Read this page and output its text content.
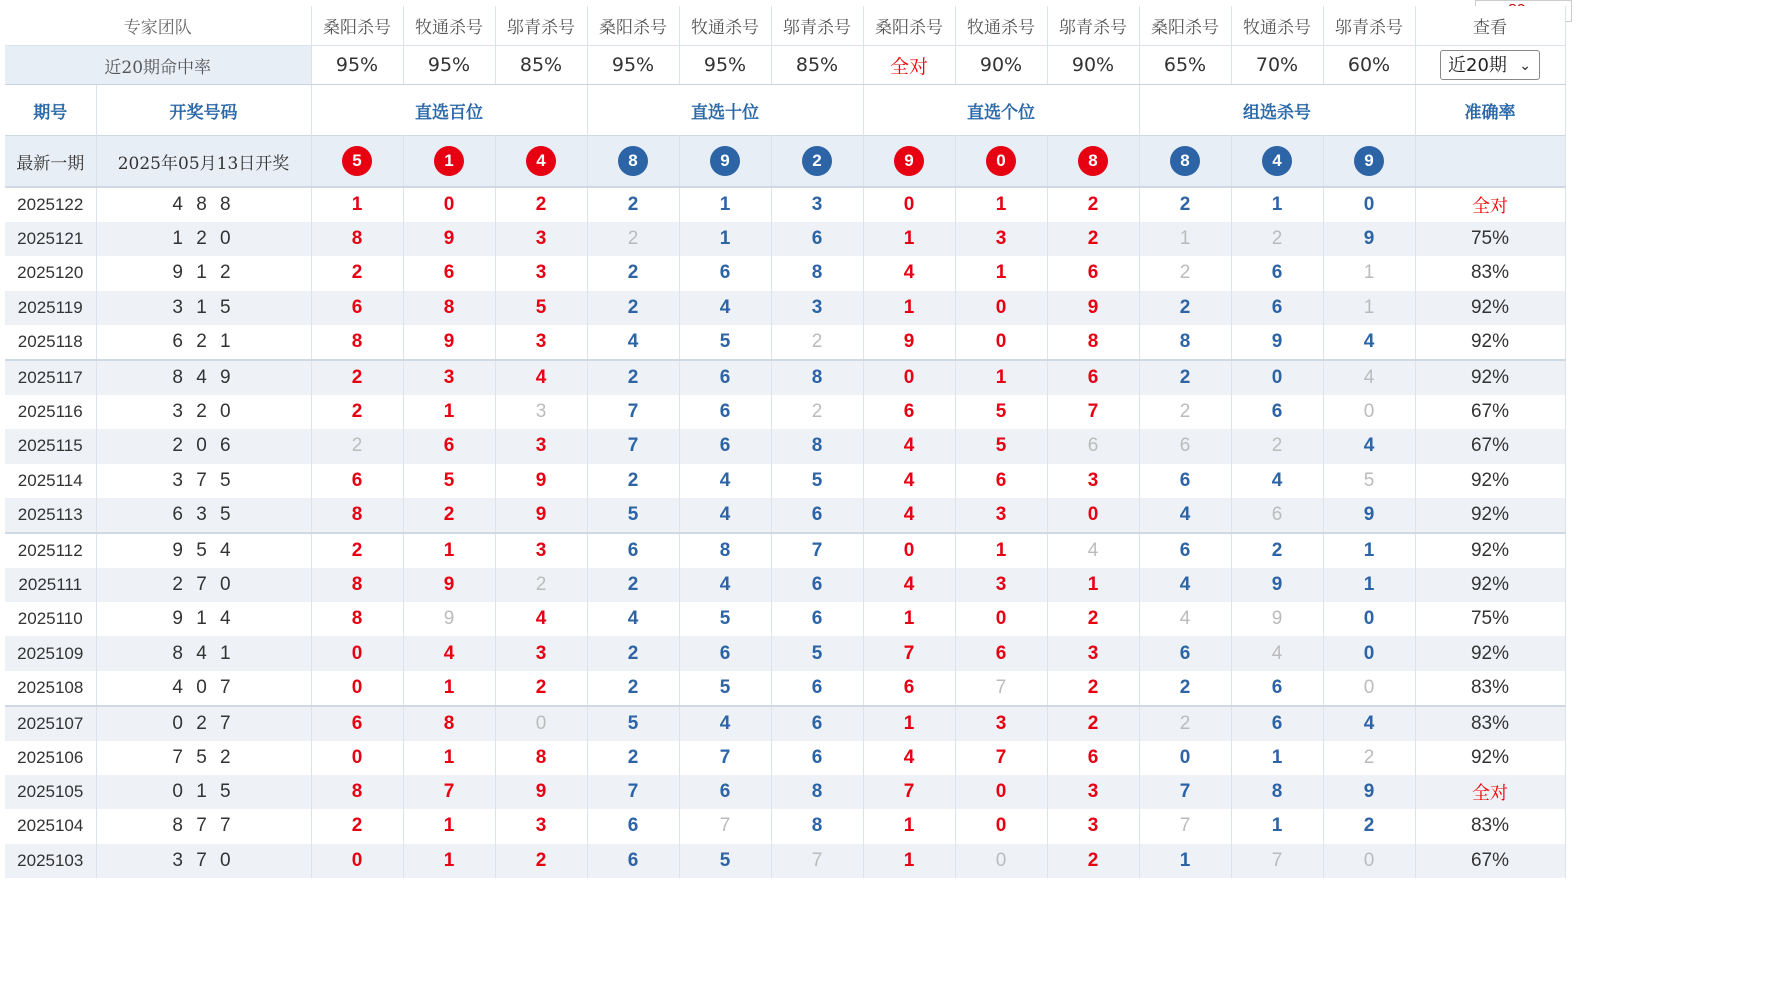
专家团队		桑阳杀号	牧通杀号	邬青杀号	桑阳杀号	牧通杀号	邬青杀号	桑阳杀号	牧通杀号	邬青杀号	桑阳杀号	牧通杀号	邬青杀号	查看
近20期命中率		95%	95%	85%	95%	95%	85%	全对	90%	90%	65%	70%	60%	近20期 ⌄

期号	开奖号码	直选百位			直选十位			直选个位			组选杀号			准确率
最新一期	2025年05月13日开奖	5	1	4	8	9	2	9	0	8	8	4	9	
2025122	4 8 8	1	0	2	2	1	3	0	1	2	2	1	0	全对
2025121	1 2 0	8	9	3	2	1	6	1	3	2	1	2	9	75%
2025120	9 1 2	2	6	3	2	6	8	4	1	6	2	6	1	83%
2025119	3 1 5	6	8	5	2	4	3	1	0	9	2	6	1	92%
2025118	6 2 1	8	9	3	4	5	2	9	0	8	8	9	4	92%
2025117	8 4 9	2	3	4	2	6	8	0	1	6	2	0	4	92%
2025116	3 2 0	2	1	3	7	6	2	6	5	7	2	6	0	67%
2025115	2 0 6	2	6	3	7	6	8	4	5	6	6	2	4	67%
2025114	3 7 5	6	5	9	2	4	5	4	6	3	6	4	5	92%
2025113	6 3 5	8	2	9	5	4	6	4	3	0	4	6	9	92%
2025112	9 5 4	2	1	3	6	8	7	0	1	4	6	2	1	92%
2025111	2 7 0	8	9	2	2	4	6	4	3	1	4	9	1	92%
2025110	9 1 4	8	9	4	4	5	6	1	0	2	4	9	0	75%
2025109	8 4 1	0	4	3	2	6	5	7	6	3	6	4	0	92%
2025108	4 0 7	0	1	2	2	5	6	6	7	2	2	6	0	83%
2025107	0 2 7	6	8	0	5	4	6	1	3	2	2	6	4	83%
2025106	7 5 2	0	1	8	2	7	6	4	7	6	0	1	2	92%
2025105	0 1 5	8	7	9	7	6	8	7	0	3	7	8	9	全对
2025104	8 7 7	2	1	3	6	7	8	1	0	3	7	1	2	83%
2025103	3 7 0	0	1	2	6	5	7	1	0	2	1	7	0	67%
